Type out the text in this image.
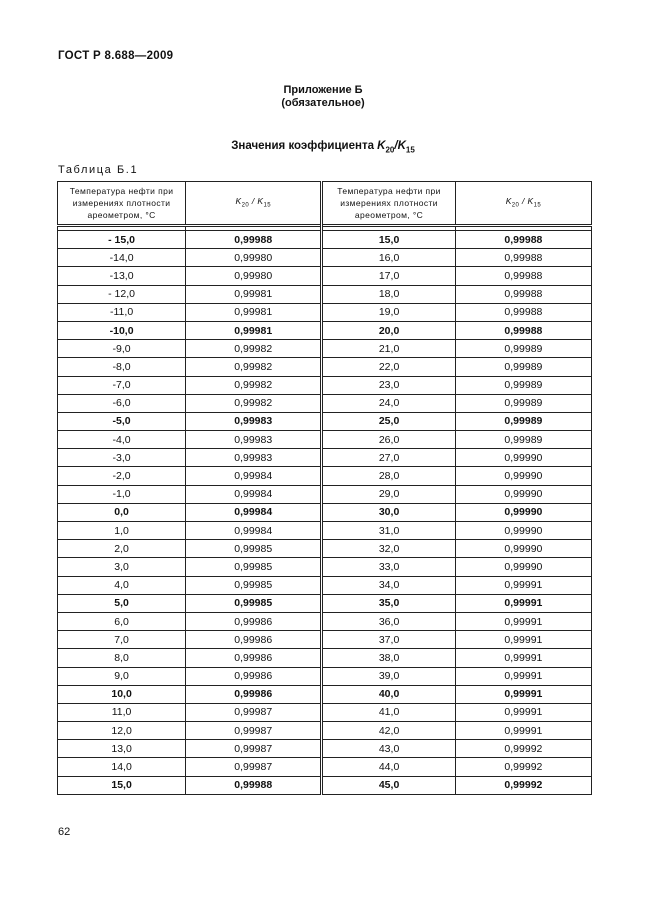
ГОСТ Р 8.688—2009
Приложение Б
(обязательное)
Значения коэффициента $K_{20}/K_{15}$
Таблица Б.1
Температура нефти при измерениях плотности ареометром, °С	$K_{20} / K_{15}$	Температура нефти при измерениях плотности ареометром, °С	$K_{20} / K_{15}$

- 15,0	0,99988	15,0	0,99988
-14,0	0,99980	16,0	0,99988
-13,0	0,99980	17,0	0,99988
- 12,0	0,99981	18,0	0,99988
-11,0	0,99981	19,0	0,99988
-10,0	0,99981	20,0	0,99988
-9,0	0,99982	21,0	0,99989
-8,0	0,99982	22,0	0,99989
-7,0	0,99982	23,0	0,99989
-6,0	0,99982	24,0	0,99989
-5,0	0,99983	25,0	0,99989
-4,0	0,99983	26,0	0,99989
-3,0	0,99983	27,0	0,99990
-2,0	0,99984	28,0	0,99990
-1,0	0,99984	29,0	0,99990
0,0	0,99984	30,0	0,99990
1,0	0,99984	31,0	0,99990
2,0	0,99985	32,0	0,99990
3,0	0,99985	33,0	0,99990
4,0	0,99985	34,0	0,99991
5,0	0,99985	35,0	0,99991
6,0	0,99986	36,0	0,99991
7,0	0,99986	37,0	0,99991
8,0	0,99986	38,0	0,99991
9,0	0,99986	39,0	0,99991
10,0	0,99986	40,0	0,99991
11,0	0,99987	41,0	0,99991
12,0	0,99987	42,0	0,99991
13,0	0,99987	43,0	0,99992
14,0	0,99987	44,0	0,99992
15,0	0,99988	45,0	0,99992
62
